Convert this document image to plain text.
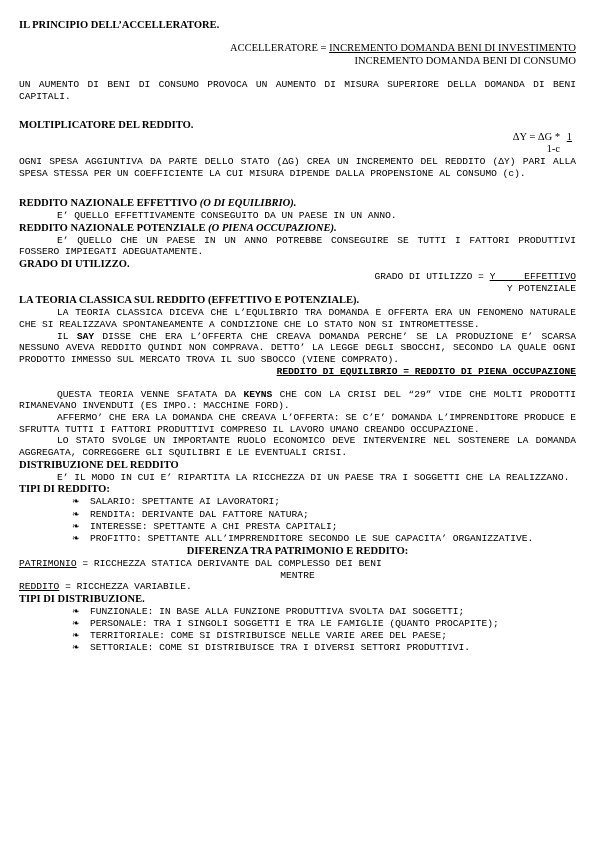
IL PRINCIPIO DELL’ACCELLERATORE.

ACCELLERATORE = INCREMENTO DOMANDA BENI DI INVESTIMENTO
INCREMENTO DOMANDA BENI DI CONSUMO

UN AUMENTO DI BENI DI CONSUMO PROVOCA UN AUMENTO DI MISURA SUPERIORE DELLA DOMANDA DI BENI CAPITALI.

MOLTIPLICATORE DEL REDDITO.

ΔY = ΔG * 1
1-c

OGNI SPESA AGGIUNTIVA DA PARTE DELLO STATO (ΔG) CREA UN INCREMENTO DEL REDDITO (ΔY) PARI ALLA SPESA STESSA PER UN COEFFICIENTE LA CUI MISURA DIPENDE DALLA PROPENSIONE AL CONSUMO (c).

REDDITO NAZIONALE EFFETTIVO (O DI EQUILIBRIO).

E’ QUELLO EFFETTIVAMENTE CONSEGUITO DA UN PAESE IN UN ANNO.

REDDITO NAZIONALE POTENZIALE (O PIENA OCCUPAZIONE).

E’ QUELLO CHE UN PAESE IN UN ANNO POTREBBE CONSEGUIRE SE TUTTI I FATTORI PRODUTTIVI FOSSERO IMPIEGATI ADEGUATAMENTE.

GRADO DI UTILIZZO.

GRADO DI UTILIZZO = Y     EFFETTIVO
Y POTENZIALE

LA TEORIA CLASSICA SUL REDDITO (EFFETTIVO E POTENZIALE).

LA TEORIA CLASSICA DICEVA CHE L’EQULIBRIO TRA DOMANDA E OFFERTA ERA UN FENOMENO NATURALE CHE SI REALIZZAVA SPONTANEAMENTE A CONDIZIONE CHE LO STATO NON SI INTROMETTESSE.

IL SAY DISSE CHE ERA L’OFFERTA CHE CREAVA DOMANDA PERCHE’ SE LA PRODUZIONE E’ SCARSA NESSUNO AVEVA REDDITO QUINDI NON COMPRAVA. DETTO’ LA LEGGE DEGLI SBOCCHI, SECONDO LA QUALE OGNI PRODOTTO IMMESSO SUL MERCATO TROVA IL SUO SBOCCO (VIENE COMPRATO).

REDDITO DI EQUILIBRIO = REDDITO DI PIENA OCCUPAZIONE

QUESTA TEORIA VENNE SFATATA DA KEYNS CHE CON LA CRISI DEL “29” VIDE CHE MOLTI PRODOTTI RIMANEVANO INVENDUTI (ES IMPO.: MACCHINE FORD).

AFFERMO’ CHE ERA LA DOMANDA CHE CREAVA L’OFFERTA: SE C’E’ DOMANDA L’IMPRENDITORE PRODUCE E SFRUTTA TUTTI I FATTORI PRODUTTIVI COMPRESO IL LAVORO UMANO CREANDO OCCUPAZIONE.

LO STATO SVOLGE UN IMPORTANTE RUOLO ECONOMICO DEVE INTERVENIRE NEL SOSTENERE LA DOMANDA AGGREGATA, CORREGGERE GLI SQUILIBRI E LE EVENTUALI CRISI.

DISTRIBUZIONE DEL REDDITO

E’ IL MODO IN CUI E’ RIPARTITA LA RICCHEZZA DI UN PAESE TRA I SOGGETTI CHE LA REALIZZANO.

TIPI DI REDDITO:

❧ SALARIO: SPETTANTE AI LAVORATORI;
❧ RENDITA: DERIVANTE DAL FATTORE NATURA;
❧ INTERESSE: SPETTANTE A CHI PRESTA CAPITALI;
❧ PROFITTO: SPETTANTE ALL’IMPRRENDITORE SECONDO LE SUE CAPACITA’ ORGANIZZATIVE.

DIFERENZA TRA PATRIMONIO E REDDITO:

PATRIMONIO = RICCHEZZA STATICA DERIVANTE DAL COMPLESSO DEI BENI

MENTRE

REDDITO = RICCHEZZA VARIABILE.

TIPI DI DISTRIBUZIONE.

❧ FUNZIONALE: IN BASE ALLA FUNZIONE PRODUTTIVA SVOLTA DAI SOGGETTI;
❧ PERSONALE: TRA I SINGOLI SOGGETTI E TRA LE FAMIGLIE (QUANTO PROCAPITE);
❧ TERRITORIALE: COME SI DISTRIBUISCE NELLE VARIE AREE DEL PAESE;
❧ SETTORIALE: COME SI DISTRIBUISCE TRA I DIVERSI SETTORI PRODUTTIVI.
